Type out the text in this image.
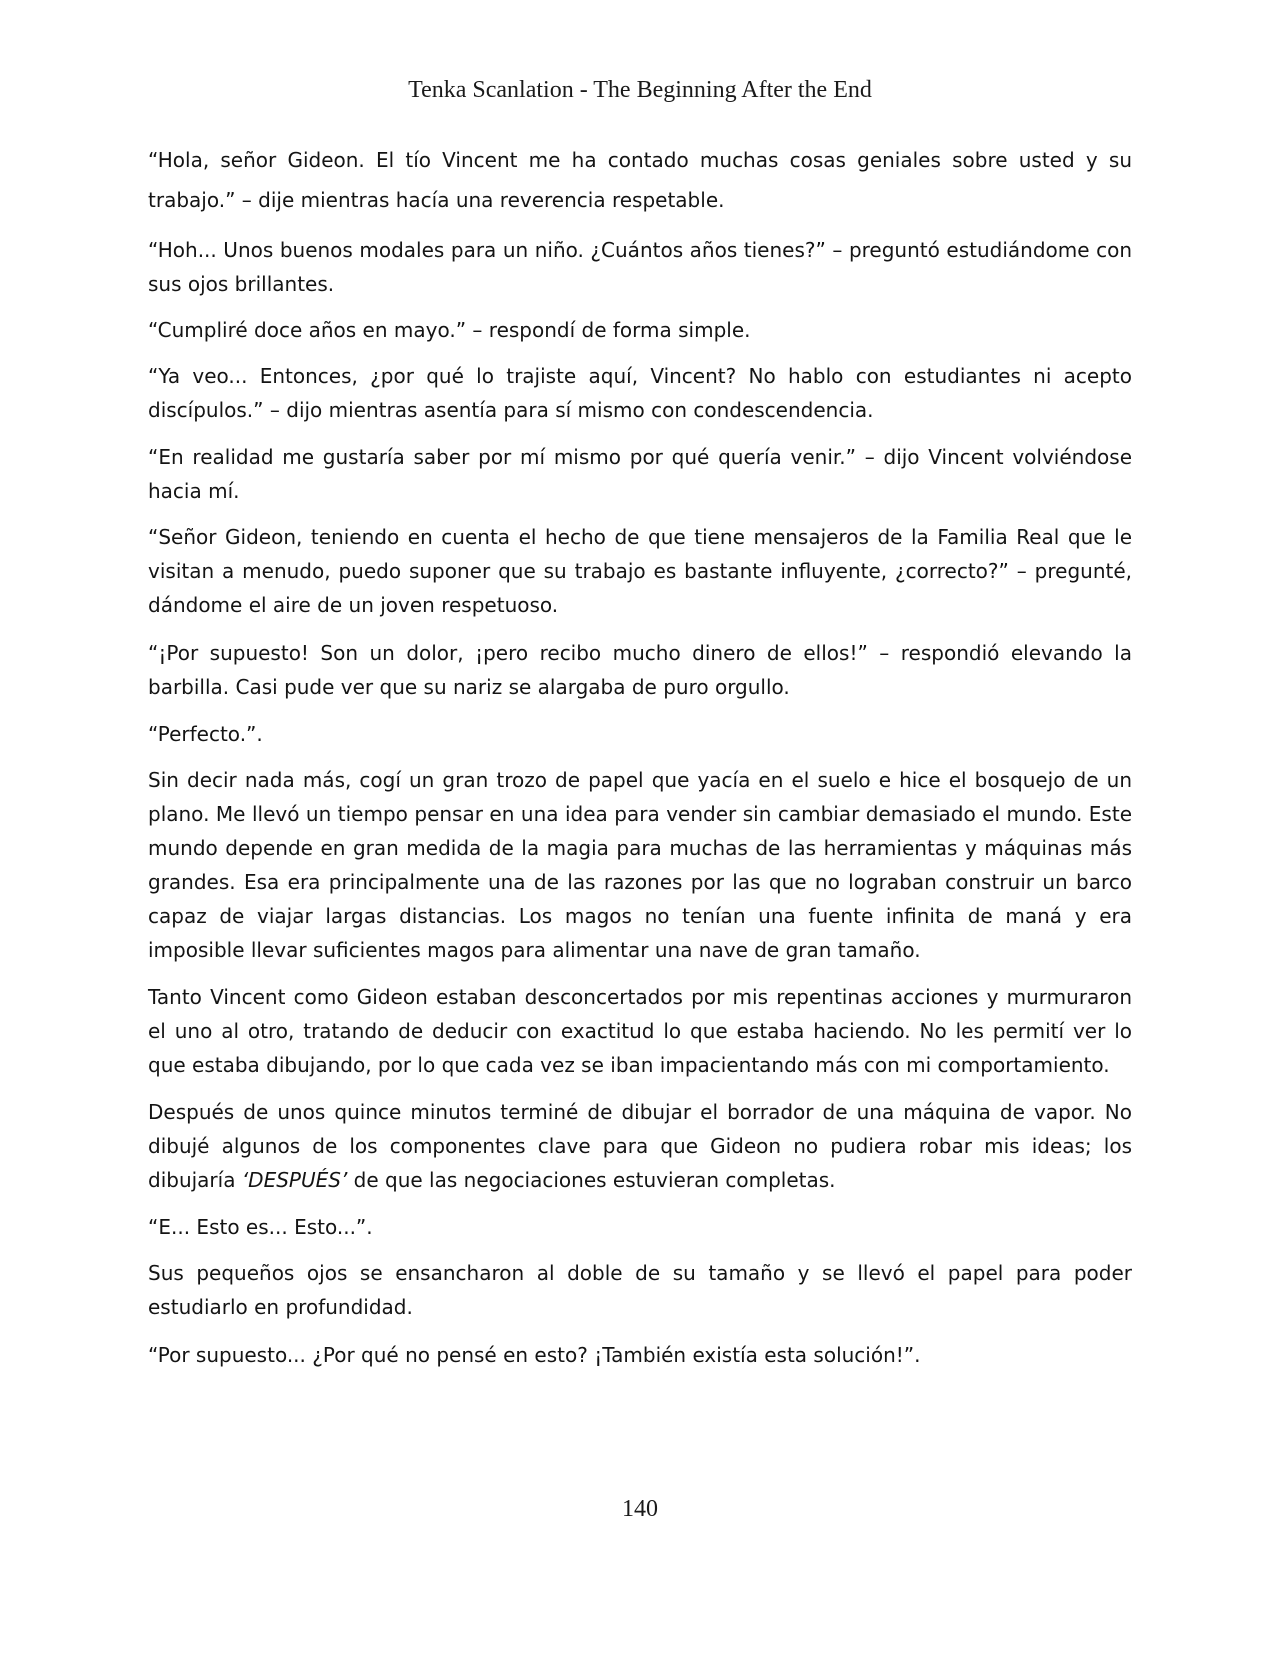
Tenka Scanlation - The Beginning After the End

“Hola, señor Gideon. El tío Vincent me ha contado muchas cosas geniales sobre usted y su trabajo.” – dije mientras hacía una reverencia respetable.

“Hoh... Unos buenos modales para un niño. ¿Cuántos años tienes?” – preguntó estudiándome con sus ojos brillantes.

“Cumpliré doce años en mayo.” – respondí de forma simple.

“Ya veo... Entonces, ¿por qué lo trajiste aquí, Vincent? No hablo con estudiantes ni acepto discípulos.” – dijo mientras asentía para sí mismo con condescendencia.

“En realidad me gustaría saber por mí mismo por qué quería venir.” – dijo Vincent volviéndose hacia mí.

“Señor Gideon, teniendo en cuenta el hecho de que tiene mensajeros de la Familia Real que le visitan a menudo, puedo suponer que su trabajo es bastante influyente, ¿correcto?” – pregunté, dándome el aire de un joven respetuoso.

“¡Por supuesto! Son un dolor, ¡pero recibo mucho dinero de ellos!” – respondió elevando la barbilla. Casi pude ver que su nariz se alargaba de puro orgullo.

“Perfecto.”.

Sin decir nada más, cogí un gran trozo de papel que yacía en el suelo e hice el bosquejo de un plano. Me llevó un tiempo pensar en una idea para vender sin cambiar demasiado el mundo. Este mundo depende en gran medida de la magia para muchas de las herramientas y máquinas más grandes. Esa era principalmente una de las razones por las que no lograban construir un barco capaz de viajar largas distancias. Los magos no tenían una fuente infinita de maná y era imposible llevar suficientes magos para alimentar una nave de gran tamaño.

Tanto Vincent como Gideon estaban desconcertados por mis repentinas acciones y murmuraron el uno al otro, tratando de deducir con exactitud lo que estaba haciendo. No les permití ver lo que estaba dibujando, por lo que cada vez se iban impacientando más con mi comportamiento.

Después de unos quince minutos terminé de dibujar el borrador de una máquina de vapor. No dibujé algunos de los componentes clave para que Gideon no pudiera robar mis ideas; los dibujaría ‘DESPUÉS’ de que las negociaciones estuvieran completas.

“E... Esto es... Esto...”.

Sus pequeños ojos se ensancharon al doble de su tamaño y se llevó el papel para poder estudiarlo en profundidad.

“Por supuesto... ¿Por qué no pensé en esto? ¡También existía esta solución!”.

140
